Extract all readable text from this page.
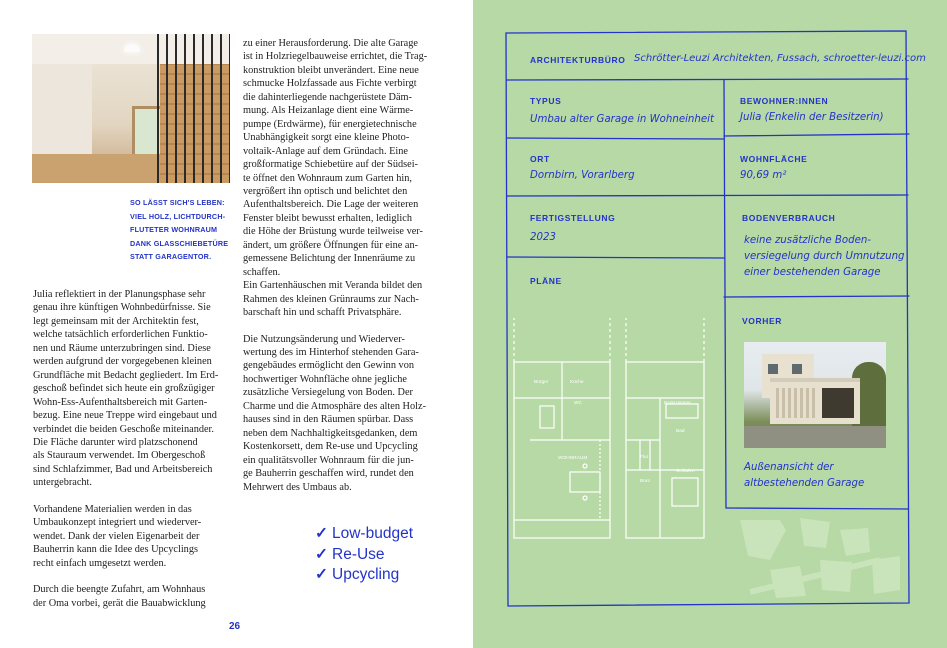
SO LÄSST SICH'S LEBEN:
VIEL HOLZ, LICHTDURCH-
FLUTETER WOHNRAUM
DANK GLASSCHIEBETÜRE
STATT GARAGENTOR.

Julia reflektiert in der Planungsphase sehr
genau ihre künftigen Wohnbedürfnisse. Sie
legt gemeinsam mit der Architektin fest,
welche tatsächlich erforderlichen Funktio-
nen und Räume unterzubringen sind. Diese
werden aufgrund der vorgegebenen kleinen
Grundfläche mit Bedacht gegliedert. Im Erd-
geschoß befindet sich heute ein großzügiger
Wohn-Ess-Aufenthaltsbereich mit Garten-
bezug. Eine neue Treppe wird eingebaut und
verbindet die beiden Geschoße miteinander.
Die Fläche darunter wird platzschonend
als Stauraum verwendet. Im Obergeschoß
sind Schlafzimmer, Bad und Arbeitsbereich
untergebracht.

Vorhandene Materialien werden in das
Umbaukonzept integriert und wiederver-
wendet. Dank der vielen Eigenarbeit der
Bauherrin kann die Idee des Upcyclings
recht einfach umgesetzt werden.

Durch die beengte Zufahrt, am Wohnhaus
der Oma vorbei, gerät die Bauabwicklung

zu einer Herausforderung. Die alte Garage
ist in Holzriegelbauweise errichtet, die Trag-
konstruktion bleibt unverändert. Eine neue
schmucke Holzfassade aus Fichte verbirgt
die dahinterliegende nachgerüstete Däm-
mung. Als Heizanlage dient eine Wärme-
pumpe (Erdwärme), für energietechnische
Unabhängigkeit sorgt eine kleine Photo-
voltaik-Anlage auf dem Gründach. Eine
großformatige Schiebetüre auf der Südsei-
te öffnet den Wohnraum zum Garten hin,
vergrößert ihn optisch und belichtet den
Aufenthaltsbereich. Die Lage der weiteren
Fenster bleibt bewusst erhalten, lediglich
die Höhe der Brüstung wurde teilweise ver-
ändert, um größere Öffnungen für eine an-
gemessene Belichtung der Innenräume zu
schaffen.
Ein Gartenhäuschen mit Veranda bildet den
Rahmen des kleinen Grünraums zur Nach-
barschaft hin und schafft Privatsphäre.

Die Nutzungsänderung und Wiederver-
wertung des im Hinterhof stehenden Gara-
gengebäudes ermöglicht den Gewinn von
hochwertiger Wohnfläche ohne jegliche
zusätzliche Versiegelung von Boden. Der
Charme und die Atmosphäre des alten Holz-
hauses sind in den Räumen spürbar. Dass
neben dem Nachhaltigkeitsgedanken, dem
Kostenkorsett, dem Re-use und Upcycling
ein qualitätsvoller Wohnraum für die jun-
ge Bauherrin geschaffen wird, rundet den
Mehrwert des Umbaus ab.

✓ Low-budget
✓ Re-Use
✓ Upcycling
26
Bürger	Küche
WC
WOHNRAUM
Badezimmer
Bad
Flur
Büro
Schlafen
ARCHITEKTURBÜRO Schrötter-Leuzi Architekten, Fussach, schroetter-leuzi.com
TYPUS
Umbau alter Garage in Wohneinheit
BEWOHNER:INNEN
Julia (Enkelin der Besitzerin)
ORT
Dornbirn, Vorarlberg
WOHNFLÄCHE
90,69 m²
FERTIGSTELLUNG
2023
BODENVERBRAUCH
keine zusätzliche Boden-
versiegelung durch Umnutzung
einer bestehenden Garage
PLÄNE
VORHER
Außenansicht der
altbestehenden Garage
